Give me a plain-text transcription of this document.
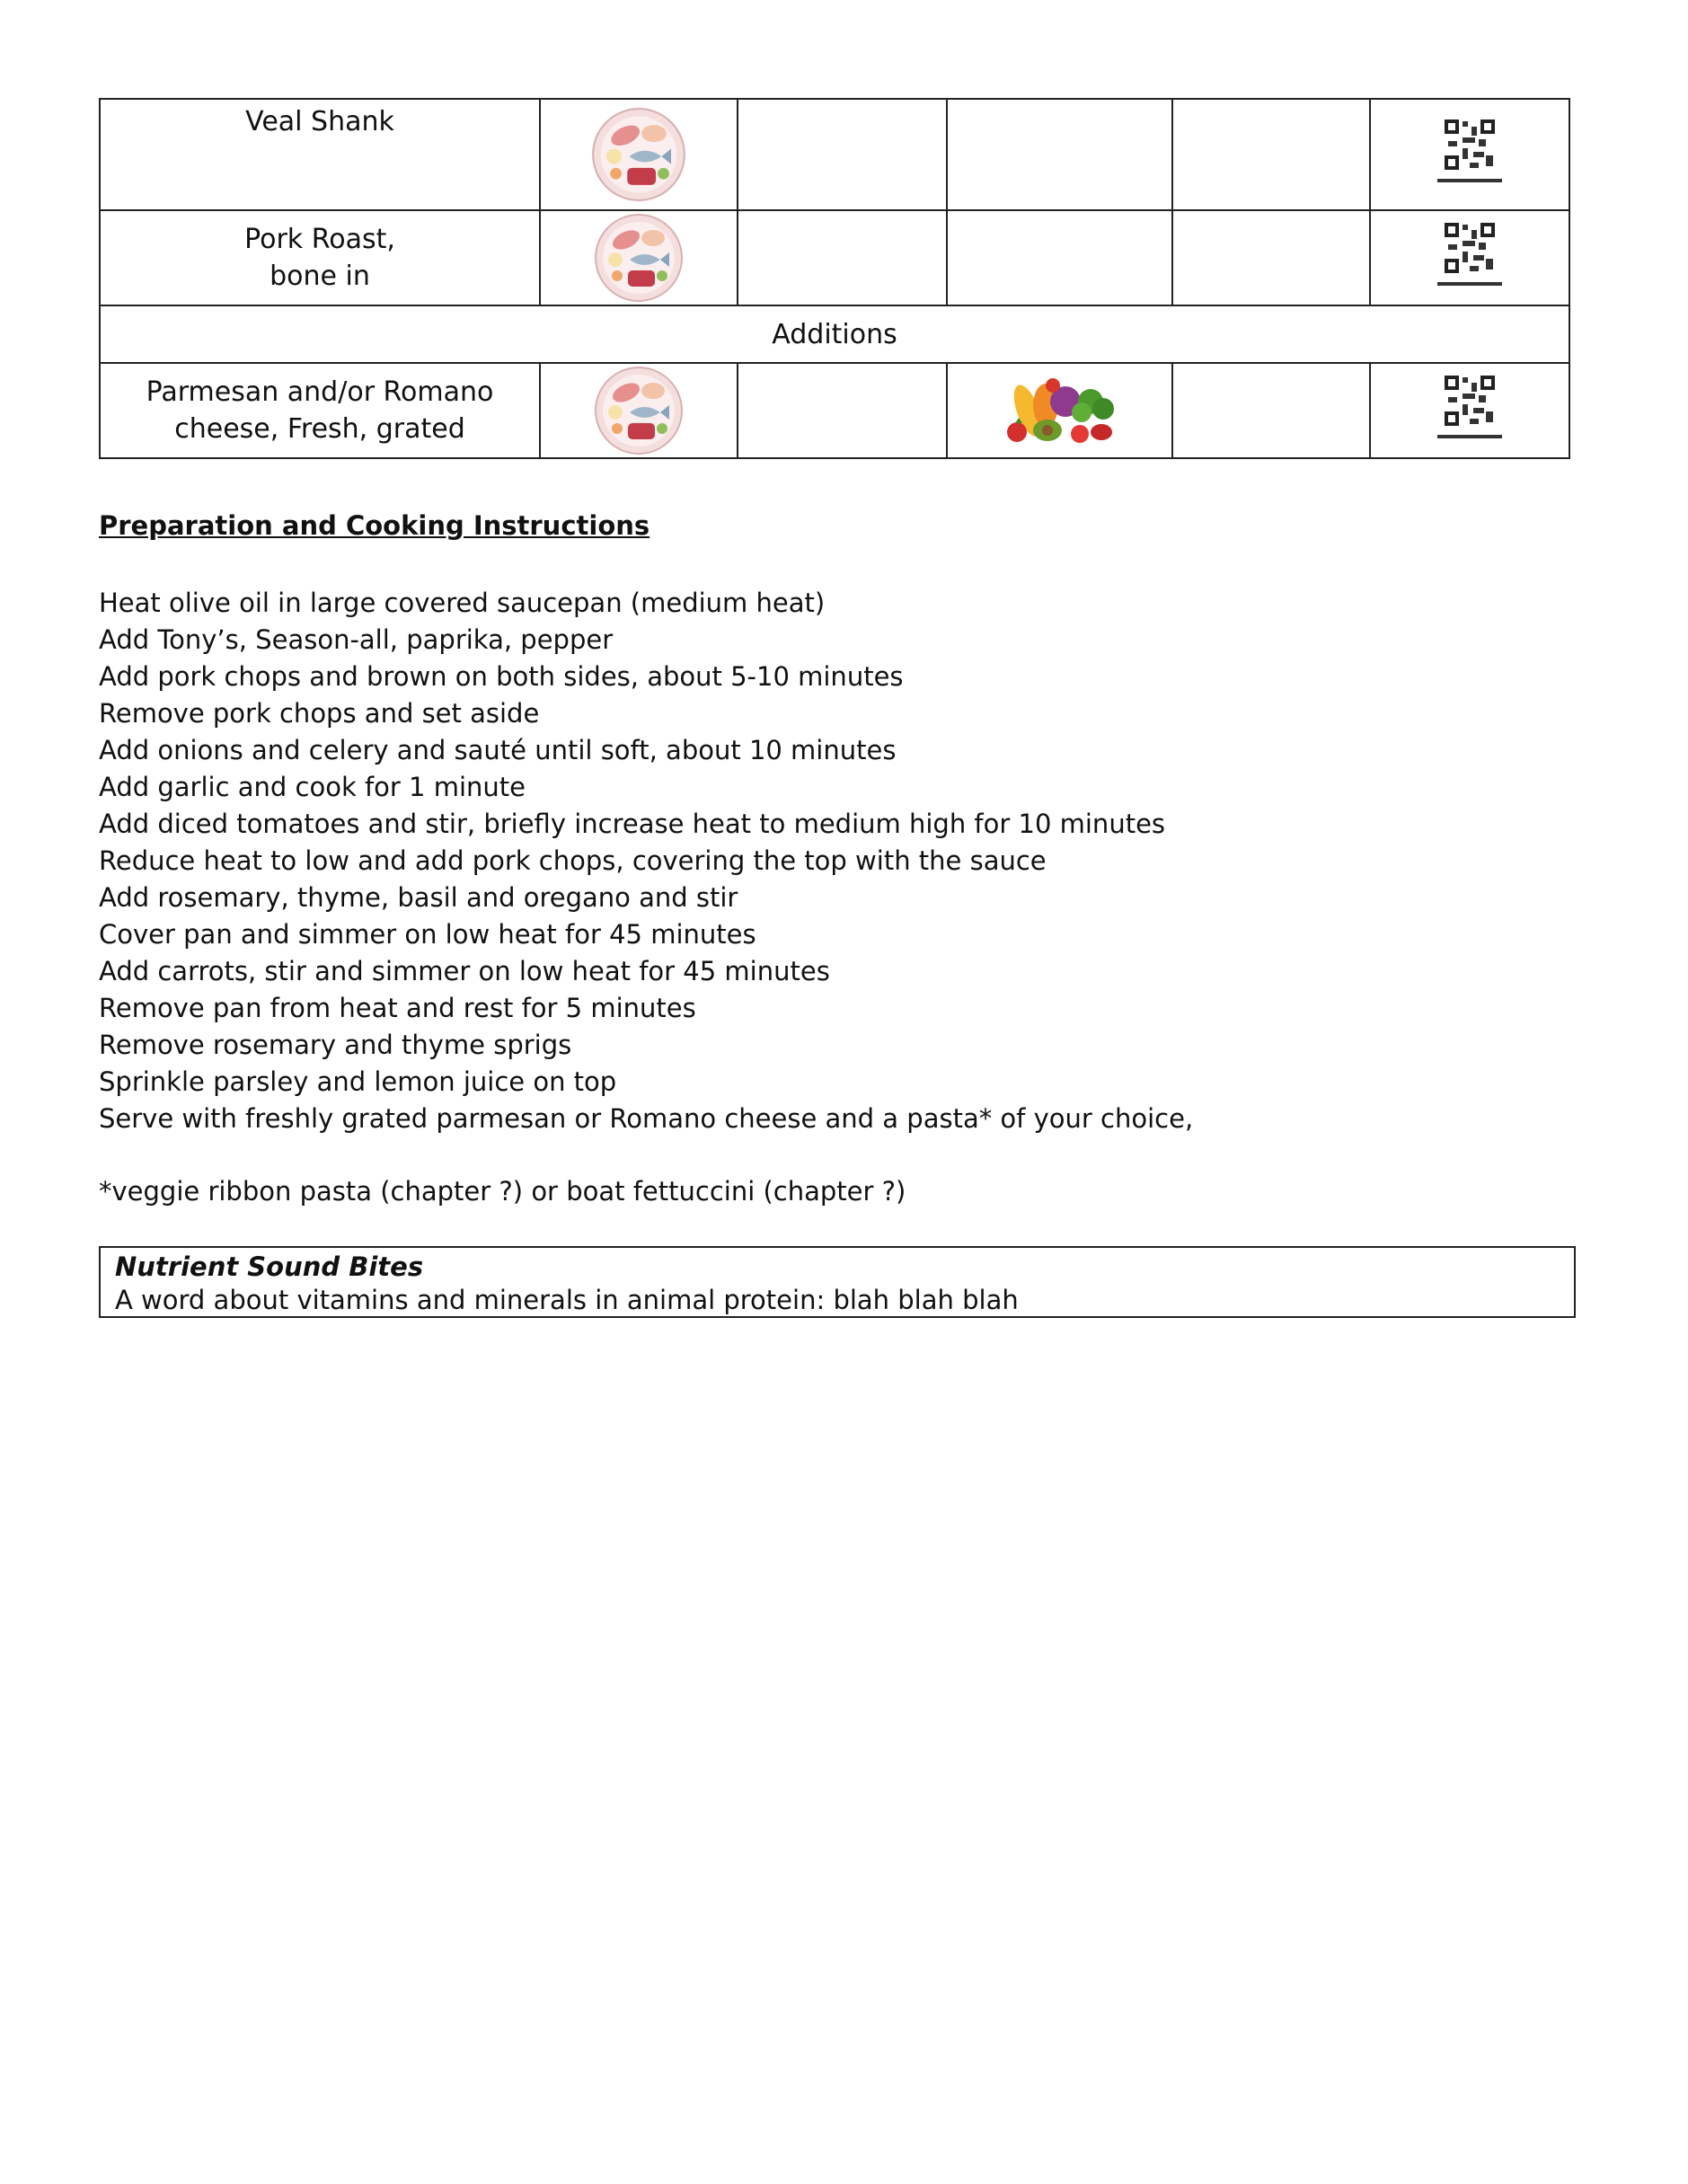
Veal Shank

Pork Roast,
bone in

Additions					

Parmesan and/or Romano
cheese, Fresh, grated

Preparation and Cooking Instructions
Heat olive oil in large covered saucepan (medium heat)
Add Tony’s, Season-all, paprika, pepper
Add pork chops and brown on both sides, about 5-10 minutes
Remove pork chops and set aside
Add onions and celery and sauté until soft, about 10 minutes
Add garlic and cook for 1 minute
Add diced tomatoes and stir, briefly increase heat to medium high for 10 minutes
Reduce heat to low and add pork chops, covering the top with the sauce
Add rosemary, thyme, basil and oregano and stir
Cover pan and simmer on low heat for 45 minutes
Add carrots, stir and simmer on low heat for 45 minutes
Remove pan from heat and rest for 5 minutes
Remove rosemary and thyme sprigs
Sprinkle parsley and lemon juice on top
Serve with freshly grated parmesan or Romano cheese and a pasta* of your choice,

*veggie ribbon pasta (chapter ?) or boat fettuccini (chapter ?)

Nutrient Sound Bites
A word about vitamins and minerals in animal protein: blah blah blah
